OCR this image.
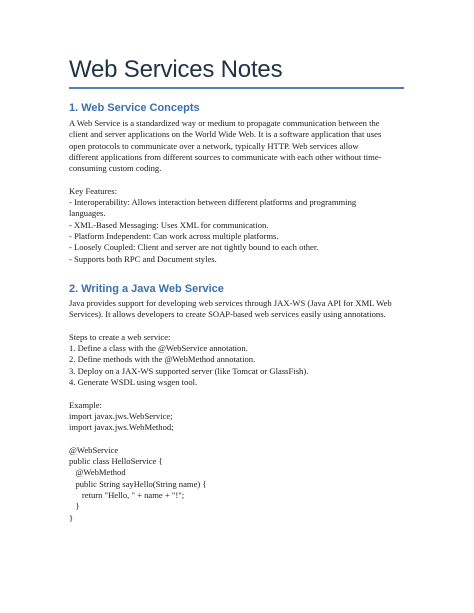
Web Services Notes
1. Web Service Concepts
A Web Service is a standardized way or medium to propagate communication between the
client and server applications on the World Wide Web. It is a software application that uses
open protocols to communicate over a network, typically HTTP. Web services allow
different applications from different sources to communicate with each other without time-
consuming custom coding.
Key Features:
- Interoperability: Allows interaction between different platforms and programming
languages.
- XML-Based Messaging: Uses XML for communication.
- Platform Independent: Can work across multiple platforms.
- Loosely Coupled: Client and server are not tightly bound to each other.
- Supports both RPC and Document styles.
2. Writing a Java Web Service
Java provides support for developing web services through JAX-WS (Java API for XML Web
Services). It allows developers to create SOAP-based web services easily using annotations.
Steps to create a web service:
1. Define a class with the @WebService annotation.
2. Define methods with the @WebMethod annotation.
3. Deploy on a JAX-WS supported server (like Tomcat or GlassFish).
4. Generate WSDL using wsgen tool.
Example:
import javax.jws.WebService;
import javax.jws.WebMethod;
@WebService
public class HelloService {
@WebMethod
public String sayHello(String name) {
return "Hello, " + name + "!";
}
}
